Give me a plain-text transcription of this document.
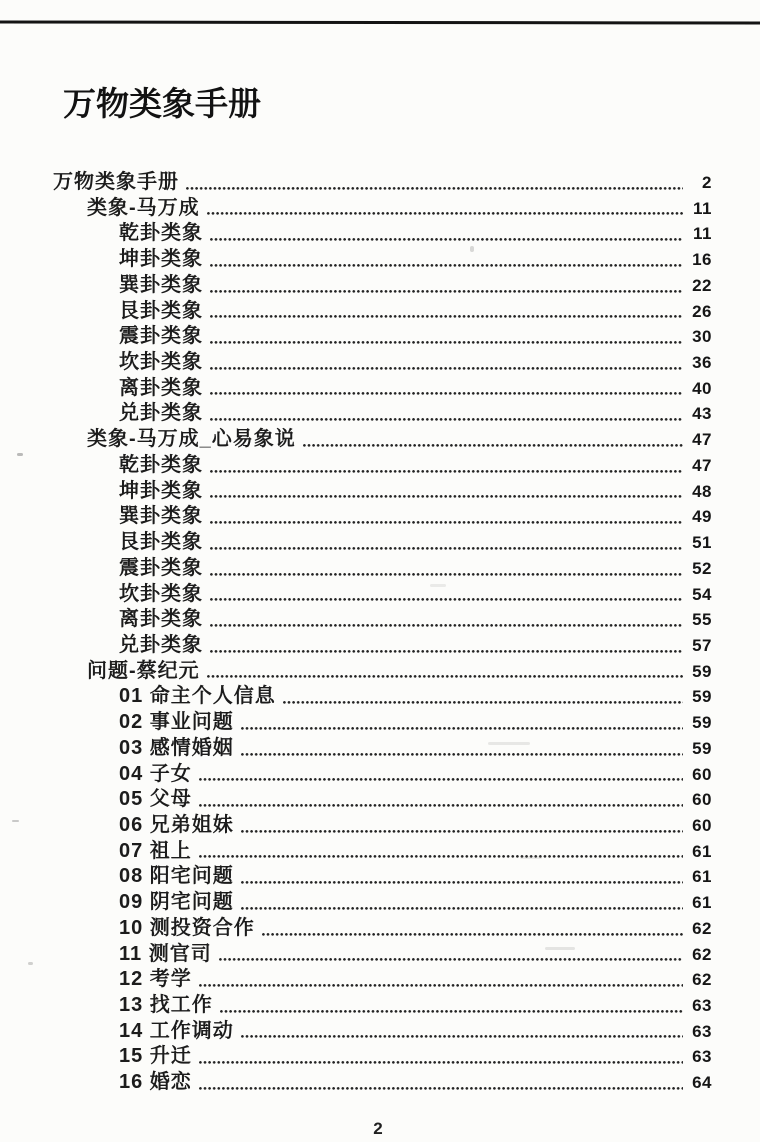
万物类象手册
万物类象手册	2
类象-马万成	11
乾卦类象	11
坤卦类象	16
巽卦类象	22
艮卦类象	26
震卦类象	30
坎卦类象	36
离卦类象	40
兑卦类象	43
类象-马万成_心易象说	47
乾卦类象	47
坤卦类象	48
巽卦类象	49
艮卦类象	51
震卦类象	52
坎卦类象	54
离卦类象	55
兑卦类象	57
问题-蔡纪元	59
01 命主个人信息	59
02 事业问题	59
03 感情婚姻	59
04 子女	60
05 父母	60
06 兄弟姐妹	60
07 祖上	61
08 阳宅问题	61
09 阴宅问题	61
10 测投资合作	62
11 测官司	62
12 考学	62
13 找工作	63
14 工作调动	63
15 升迁	63
16 婚恋	64
2
